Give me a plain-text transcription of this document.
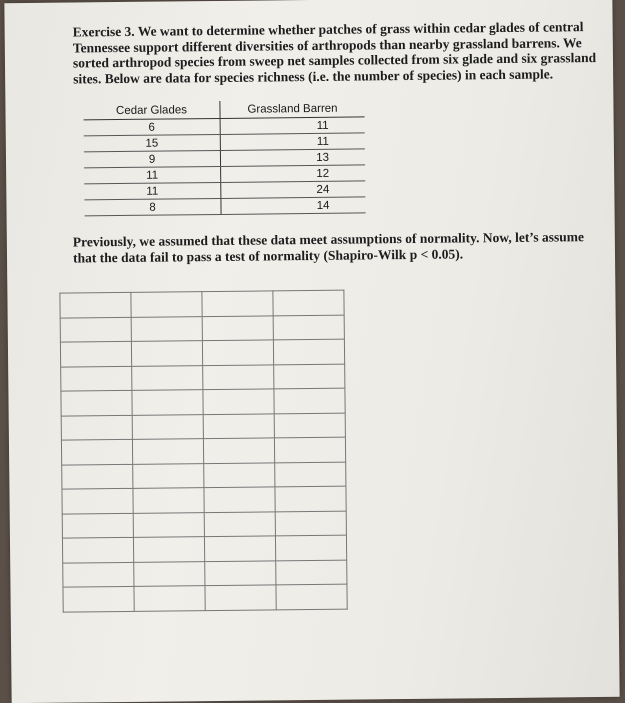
Exercise 3. We want to determine whether patches of grass within cedar glades of central Tennessee support different diversities of arthropods than nearby grassland barrens. We sorted arthropod species from sweep net samples collected from six glade and six grassland sites. Below are data for species richness (i.e. the number of species) in each sample.

Cedar Glades	Grassland Barren
6	11
15	11
9	13
11	12
11	24
8	14

Previously, we assumed that these data meet assumptions of normality. Now, let’s assume that the data fail to pass a test of normality (Shapiro-Wilk p < 0.05).
